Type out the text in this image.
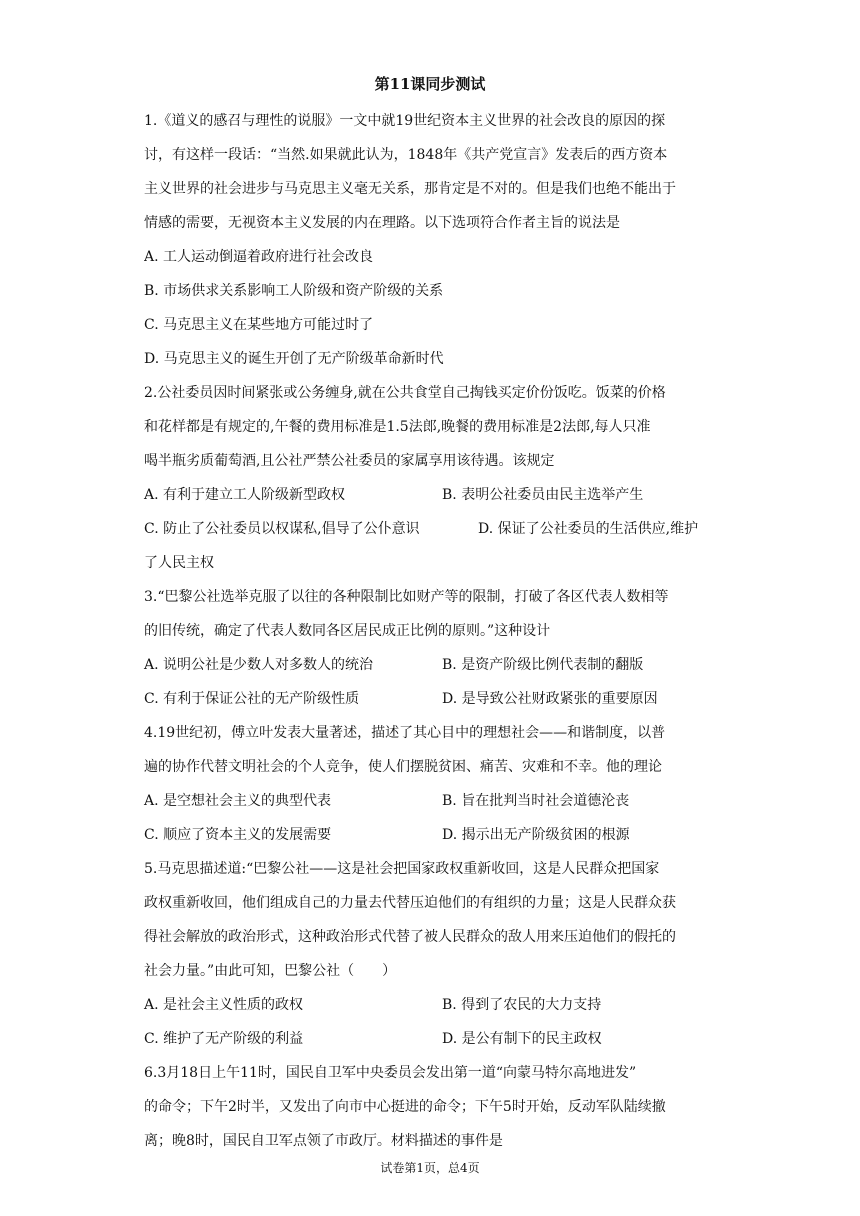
第11课同步测试
1.《道义的感召与理性的说服》一文中就19世纪资本主义世界的社会改良的原因的探
讨，有这样一段话：“当然.如果就此认为，1848年《共产党宣言》发表后的西方资本
主义世界的社会进步与马克思主义毫无关系，那肯定是不对的。但是我们也绝不能出于
情感的需要，无视资本主义发展的内在理路。以下选项符合作者主旨的说法是
A. 工人运动倒逼着政府进行社会改良
B. 市场供求关系影响工人阶级和资产阶级的关系
C. 马克思主义在某些地方可能过时了
D. 马克思主义的诞生开创了无产阶级革命新时代
2.公社委员因时间紧张或公务缠身,就在公共食堂自己掏钱买定价份饭吃。饭菜的价格
和花样都是有规定的,午餐的费用标准是1.5法郎,晚餐的费用标准是2法郎,每人只准
喝半瓶劣质葡萄酒,且公社严禁公社委员的家属享用该待遇。该规定
A. 有利于建立工人阶级新型政权	B. 表明公社委员由民主选举产生
C. 防止了公社委员以权谋私,倡导了公仆意识	D. 保证了公社委员的生活供应,维护
了人民主权
3.“巴黎公社选举克服了以往的各种限制比如财产等的限制，打破了各区代表人数相等
的旧传统，确定了代表人数同各区居民成正比例的原则。”这种设计
A. 说明公社是少数人对多数人的统治	B. 是资产阶级比例代表制的翻版
C. 有利于保证公社的无产阶级性质	D. 是导致公社财政紧张的重要原因
4.19世纪初，傅立叶发表大量著述，描述了其心目中的理想社会——和谐制度，以普
遍的协作代替文明社会的个人竞争，使人们摆脱贫困、痛苦、灾难和不幸。他的理论
A. 是空想社会主义的典型代表	B. 旨在批判当时社会道德沦丧
C. 顺应了资本主义的发展需要	D. 揭示出无产阶级贫困的根源
5.马克思描述道:“巴黎公社——这是社会把国家政权重新收回，这是人民群众把国家
政权重新收回，他们组成自己的力量去代替压迫他们的有组织的力量；这是人民群众获
得社会解放的政治形式，这种政治形式代替了被人民群众的敌人用来压迫他们的假托的
社会力量。”由此可知，巴黎公社（　　）
A. 是社会主义性质的政权	B. 得到了农民的大力支持
C. 维护了无产阶级的利益	D. 是公有制下的民主政权
6.3月18日上午11时，国民自卫军中央委员会发出第一道“向蒙马特尔高地进发”
的命令；下午2时半，又发出了向市中心挺进的命令；下午5时开始，反动军队陆续撤
离；晚8时，国民自卫军点领了市政厅。材料描述的事件是
试卷第1页，总4页
